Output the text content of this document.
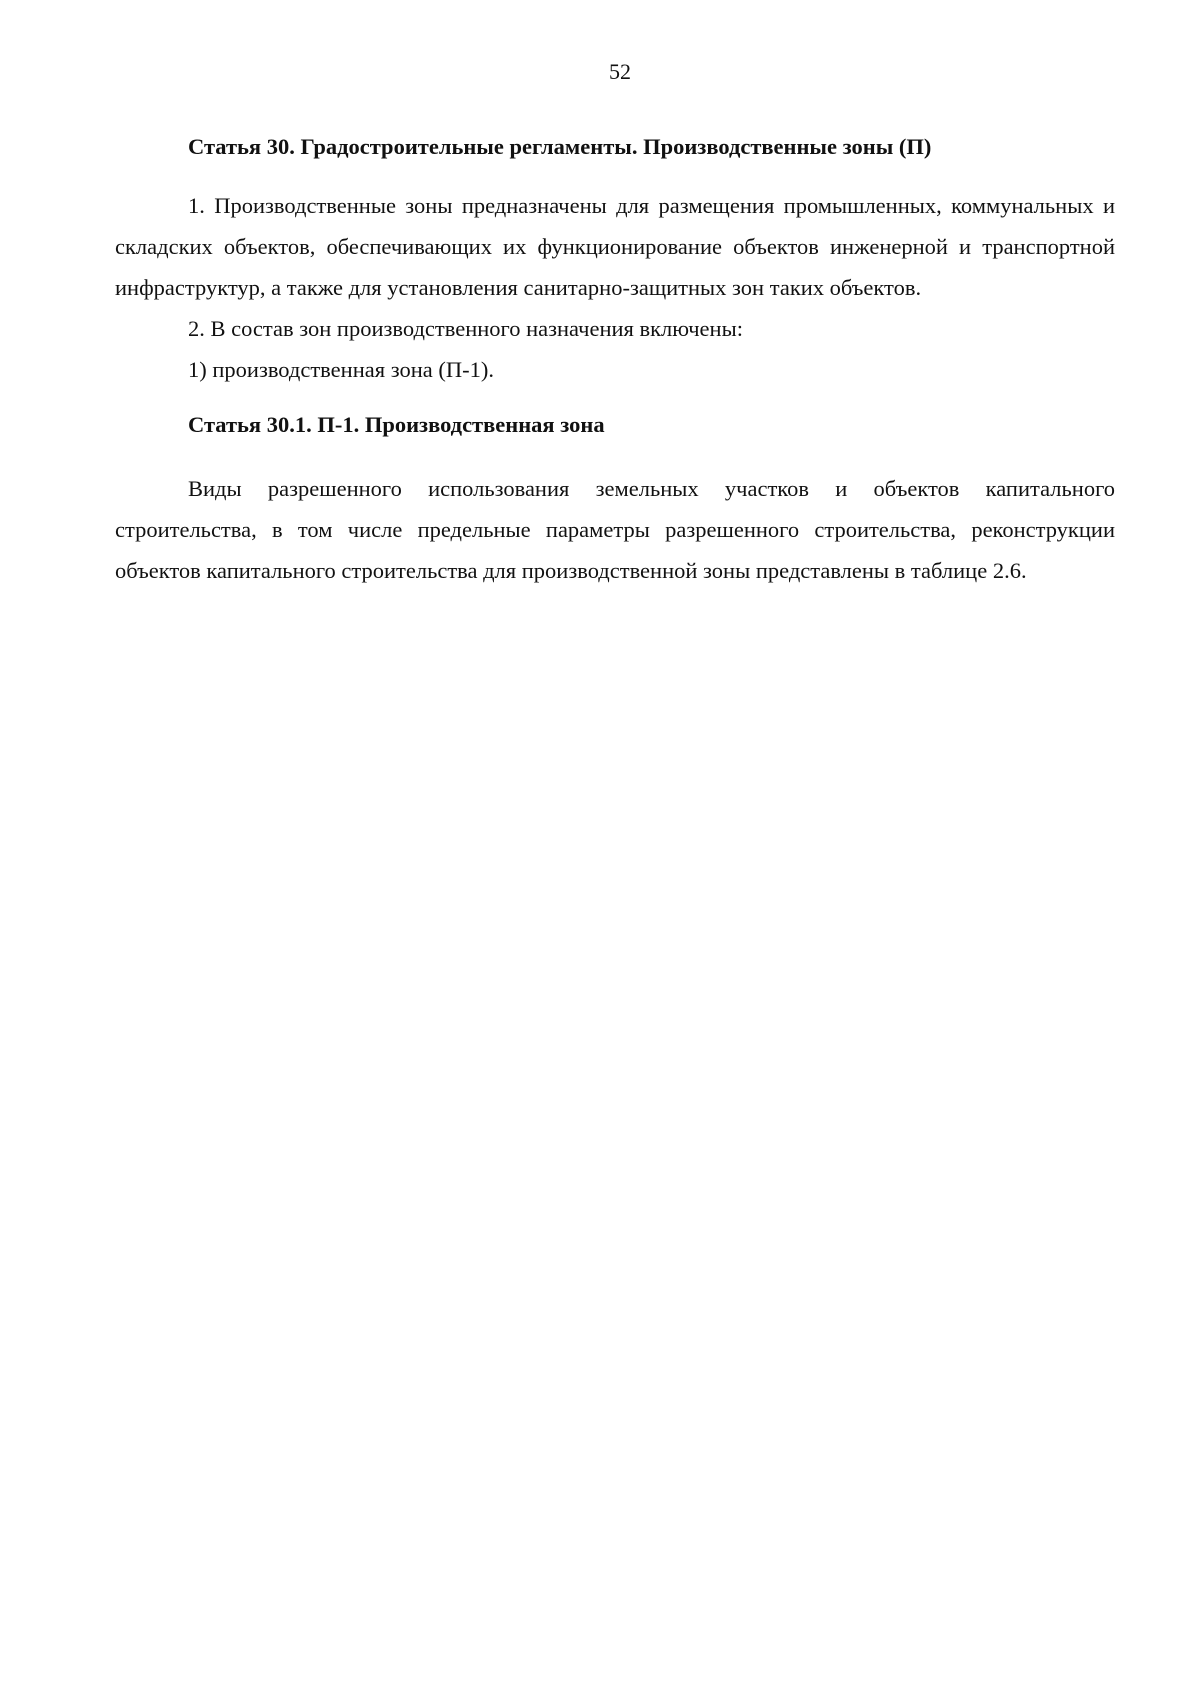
52

Статья 30. Градостроительные регламенты. Производственные зоны (П)

1. Производственные зоны предназначены для размещения промышленных, коммунальных и складских объектов, обеспечивающих их функционирование объектов инженерной и транспортной инфраструктур, а также для установления санитарно-защитных зон таких объектов.

2. В состав зон производственного назначения включены:

1) производственная зона (П-1).

Статья 30.1. П-1. Производственная зона

Виды разрешенного использования земельных участков и объектов капитального строительства, в том числе предельные параметры разрешенного строительства, реконструкции объектов капитального строительства для производственной зоны представлены в таблице 2.6.
